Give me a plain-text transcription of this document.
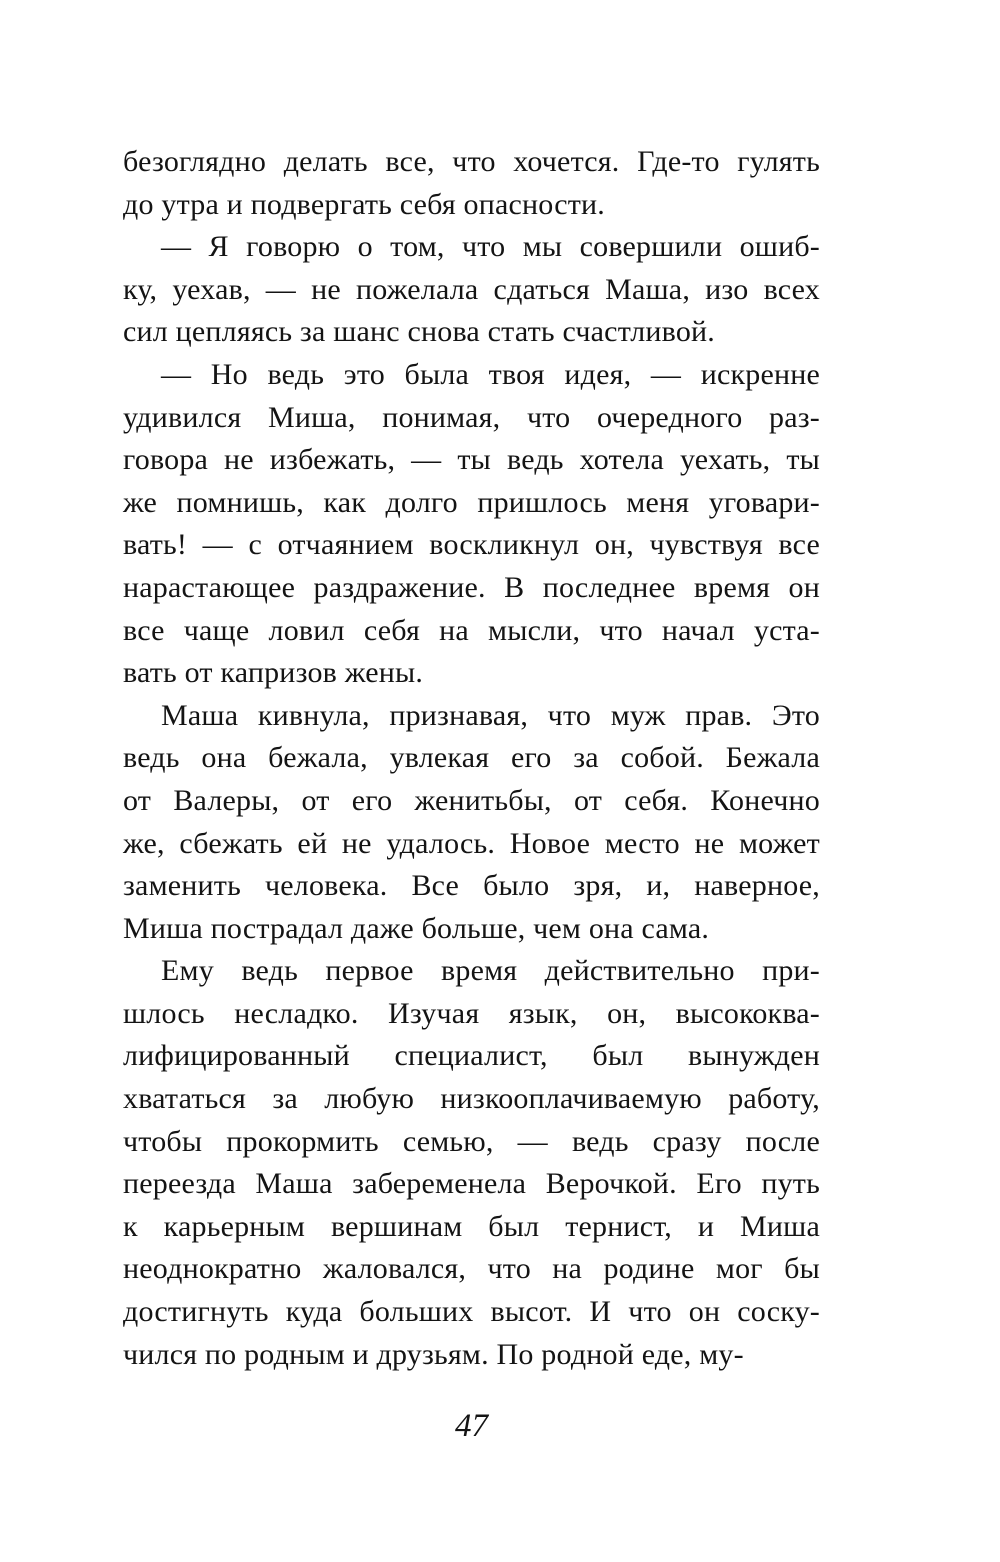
безоглядно делать все, что хочется. Где-то гулять
до утра и подвергать себя опасности.
— Я говорю о том, что мы совершили ошиб-
ку, уехав, — не пожелала сдаться Маша, изо всех
сил цепляясь за шанс снова стать счастливой.
— Но ведь это была твоя идея, — искренне
удивился Миша, понимая, что очередного раз-
говора не избежать, — ты ведь хотела уехать, ты
же помнишь, как долго пришлось меня уговари-
вать! — с отчаянием воскликнул он, чувствуя все
нарастающее раздражение. В последнее время он
все чаще ловил себя на мысли, что начал уста-
вать от капризов жены.
Маша кивнула, признавая, что муж прав. Это
ведь она бежала, увлекая его за собой. Бежала
от Валеры, от его женитьбы, от себя. Конечно
же, сбежать ей не удалось. Новое место не может
заменить человека. Все было зря, и, наверное,
Миша пострадал даже больше, чем она сама.
Ему ведь первое время действительно при-
шлось несладко. Изучая язык, он, высококва-
лифицированный специалист, был вынужден
хвататься за любую низкооплачиваемую работу,
чтобы прокормить семью, — ведь сразу после
переезда Маша забеременела Верочкой. Его путь
к карьерным вершинам был тернист, и Миша
неоднократно жаловался, что на родине мог бы
достигнуть куда больших высот. И что он соску-
чился по родным и друзьям. По родной еде, му-
47
